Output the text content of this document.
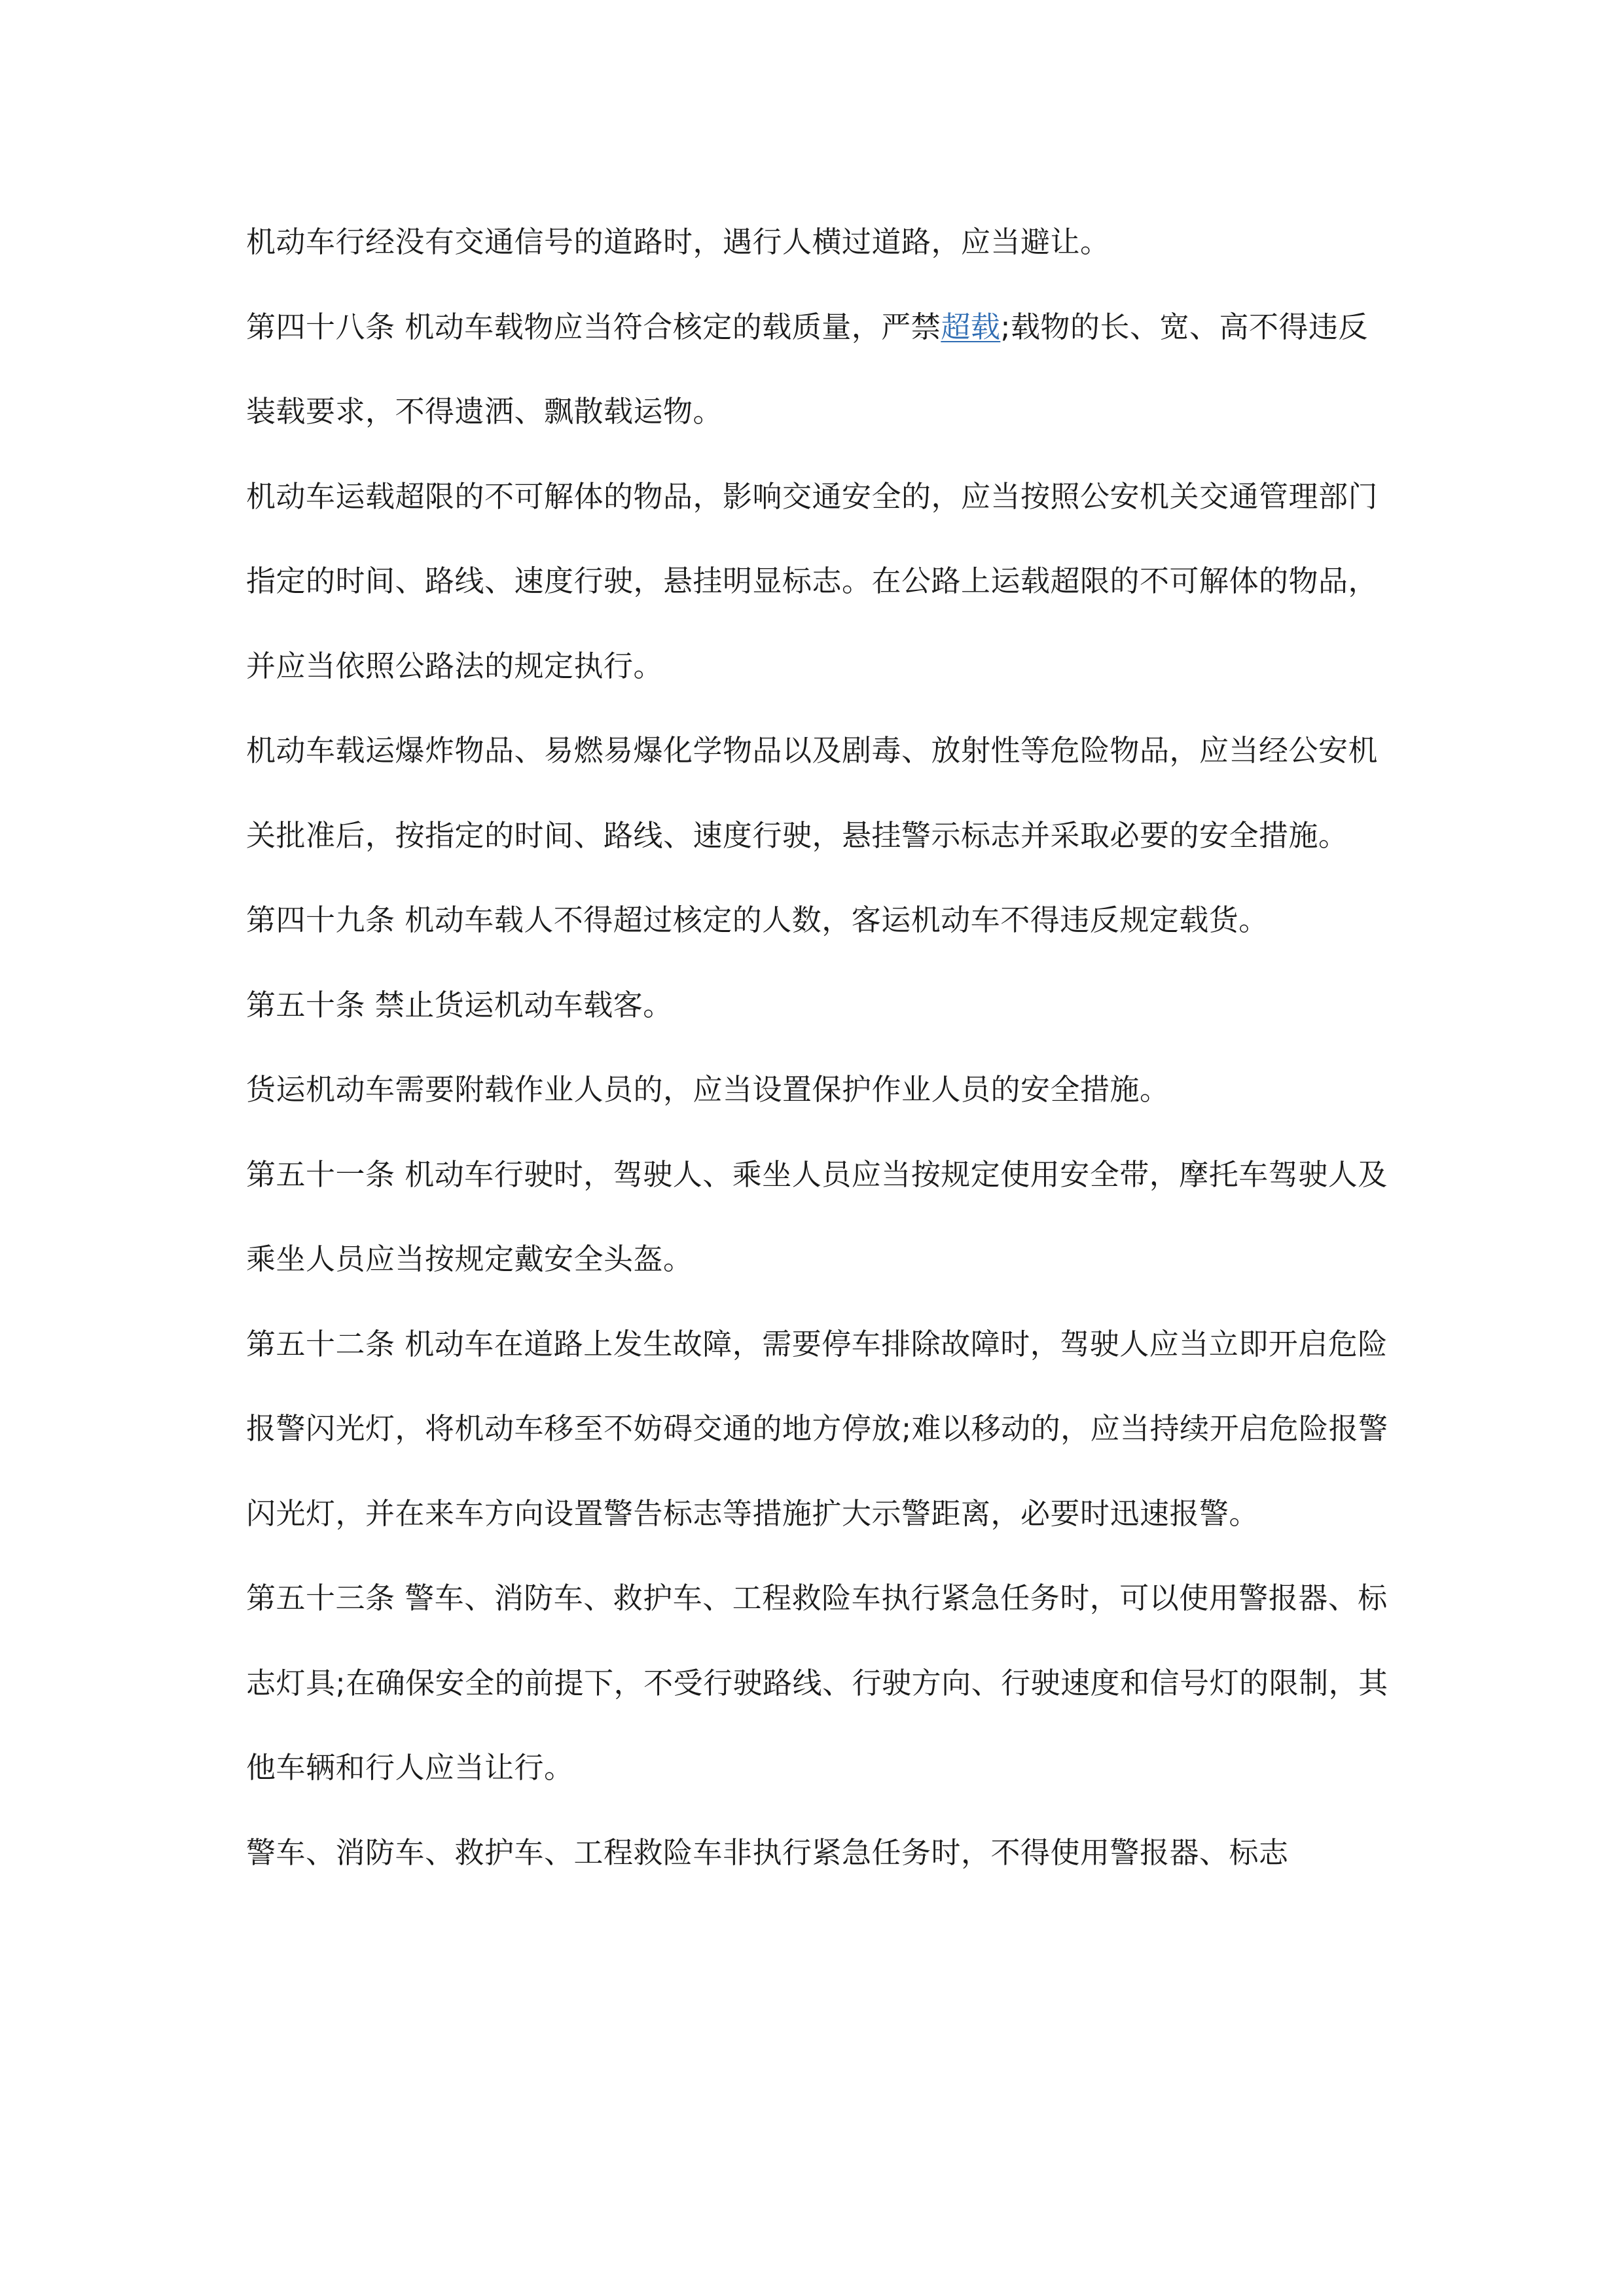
机动车行经没有交通信号的道路时，遇行人横过道路，应当避让。

第四十八条 机动车载物应当符合核定的载质量，严禁超载;载物的长、宽、高不得违反装载要求，不得遗洒、飘散载运物。

机动车运载超限的不可解体的物品，影响交通安全的，应当按照公安机关交通管理部门指定的时间、路线、速度行驶，悬挂明显标志。在公路上运载超限的不可解体的物品，并应当依照公路法的规定执行。

机动车载运爆炸物品、易燃易爆化学物品以及剧毒、放射性等危险物品，应当经公安机关批准后，按指定的时间、路线、速度行驶，悬挂警示标志并采取必要的安全措施。

第四十九条 机动车载人不得超过核定的人数，客运机动车不得违反规定载货。

第五十条 禁止货运机动车载客。

货运机动车需要附载作业人员的，应当设置保护作业人员的安全措施。

第五十一条 机动车行驶时，驾驶人、乘坐人员应当按规定使用安全带，摩托车驾驶人及乘坐人员应当按规定戴安全头盔。

第五十二条 机动车在道路上发生故障，需要停车排除故障时，驾驶人应当立即开启危险报警闪光灯，将机动车移至不妨碍交通的地方停放;难以移动的，应当持续开启危险报警闪光灯，并在来车方向设置警告标志等措施扩大示警距离，必要时迅速报警。

第五十三条 警车、消防车、救护车、工程救险车执行紧急任务时，可以使用警报器、标志灯具;在确保安全的前提下，不受行驶路线、行驶方向、行驶速度和信号灯的限制，其他车辆和行人应当让行。

警车、消防车、救护车、工程救险车非执行紧急任务时，不得使用警报器、标志
